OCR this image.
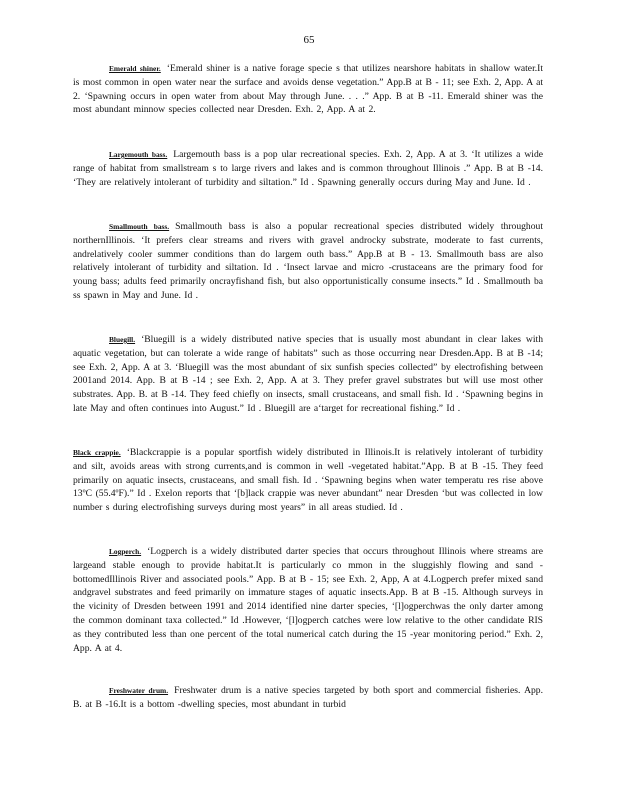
65

Emerald shiner. ‘Emerald shiner is a native forage specie s that utilizes nearshore habitats in shallow water.It is most common in open water near the surface and avoids dense vegetation.” App.B at B - 11; see Exh. 2, App. A at 2. ‘Spawning occurs in open water from about May through June. . . .” App. B at B -11. Emerald shiner was the most abundant minnow species collected near Dresden. Exh. 2, App. A at 2.

Largemouth bass. Largemouth bass is a pop ular recreational species. Exh. 2, App. A at 3. ‘It utilizes a wide range of habitat from smallstream s to large rivers and lakes and is common throughout Illinois .” App. B at B -14. ‘They are relatively intolerant of turbidity and siltation.” Id . Spawning generally occurs during May and June. Id .

Smallmouth bass. Smallmouth bass is also a popular recreational species distributed widely throughout northernIllinois. ‘It prefers clear streams and rivers with gravel androcky substrate, moderate to fast currents, andrelatively cooler summer conditions than do largem outh bass.” App.B at B - 13. Smallmouth bass are also relatively intolerant of turbidity and siltation. Id . ‘Insect larvae and micro -crustaceans are the primary food for young bass; adults feed primarily oncrayfishand fish, but also opportunistically consume insects.” Id . Smallmouth ba ss spawn in May and June. Id .

Bluegill. ‘Bluegill is a widely distributed native species that is usually most abundant in clear lakes with aquatic vegetation, but can tolerate a wide range of habitats” such as those occurring near Dresden.App. B at B -14; see Exh. 2, App. A at 3. ‘Bluegill was the most abundant of six sunfish species collected” by electrofishing between 2001and 2014. App. B at B -14 ; see Exh. 2, App. A at 3. They prefer gravel substrates but will use most other substrates. App. B. at B -14. They feed chiefly on insects, small crustaceans, and small fish. Id . ‘Spawning begins in late May and often continues into August.” Id . Bluegill are a‘target for recreational fishing.” Id .

Black crappie. ‘Blackcrappie is a popular sportfish widely distributed in Illinois.It is relatively intolerant of turbidity and silt, avoids areas with strong currents,and is common in well -vegetated habitat.”App. B at B -15. They feed primarily on aquatic insects, crustaceans, and small fish. Id . ‘Spawning begins when water temperatu res rise above 13ºC (55.4ºF).” Id . Exelon reports that ‘[b]lack crappie was never abundant” near Dresden ‘but was collected in low number s during electrofishing surveys during most years” in all areas studied. Id .

Logperch. ‘Logperch is a widely distributed darter species that occurs throughout Illinois where streams are largeand stable enough to provide habitat.It is particularly co mmon in the sluggishly flowing and sand -bottomedIllinois River and associated pools.” App. B at B - 15; see Exh. 2, App, A at 4.Logperch prefer mixed sand andgravel substrates and feed primarily on immature stages of aquatic insects.App. B at B -15. Although surveys in the vicinity of Dresden between 1991 and 2014 identified nine darter species, ‘[l]ogperchwas the only darter among the common dominant taxa collected.” Id .However, ‘[l]ogperch catches were low relative to the other candidate RIS as they contributed less than one percent of the total numerical catch during the 15 -year monitoring period.” Exh. 2, App. A at 4.

Freshwater drum. Freshwater drum is a native species targeted by both sport and commercial fisheries. App. B. at B -16.It is a bottom -dwelling species, most abundant in turbid
